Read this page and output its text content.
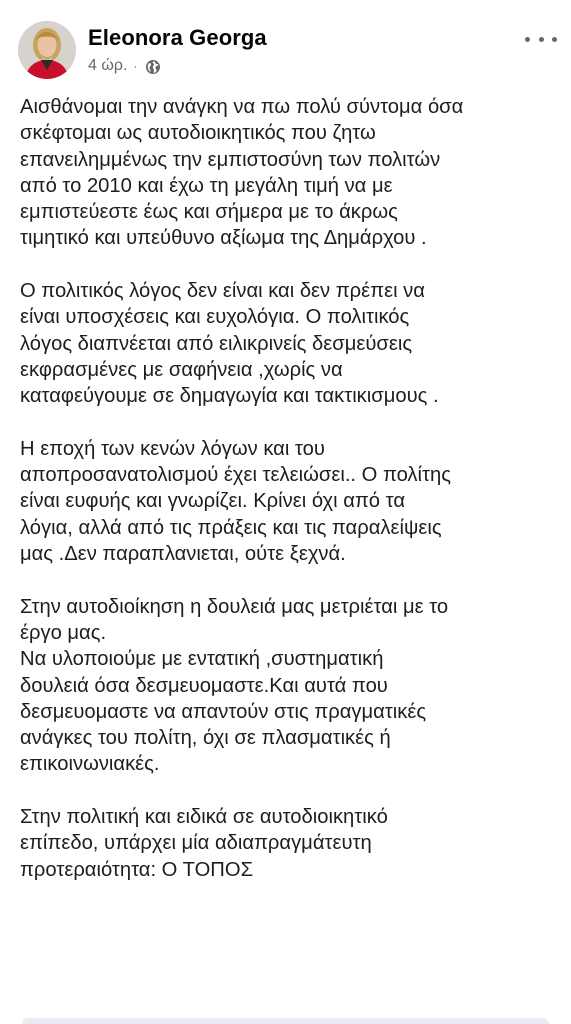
Eleonora Georga
4 ώρ. ·

Αισθάνομαι την ανάγκη να πω πολύ σύντομα όσα
σκέφτομαι ως αυτοδιοικητικός που ζητω
επανειλημμένως την εμπιστοσύνη των πολιτών
από το 2010 και έχω τη μεγάλη τιμή να με
εμπιστεύεστε έως και σήμερα με το άκρως
τιμητικό και υπεύθυνο αξίωμα της Δημάρχου .

Ο πολιτικός λόγος δεν είναι και δεν πρέπει να
είναι υποσχέσεις και ευχολόγια. Ο πολιτικός
λόγος διαπνέεται από ειλικρινείς δεσμεύσεις
εκφρασμένες με σαφήνεια ,χωρίς να
καταφεύγουμε σε δημαγωγία και τακτικισμους .

Η εποχή των κενών λόγων και του
αποπροσανατολισμού έχει τελειώσει.. Ο πολίτης
είναι ευφυής και γνωρίζει. Κρίνει όχι από τα
λόγια, αλλά από τις πράξεις και τις παραλείψεις
μας .Δεν παραπλανιεται, ούτε ξεχνά.

Στην αυτοδιοίκηση η δουλειά μας μετριέται με το
έργο μας.
Να υλοποιούμε με εντατική ,συστηματική
δουλειά όσα δεσμευομαστε.Και αυτά που
δεσμευομαστε να απαντούν στις πραγματικές
ανάγκες του πολίτη, όχι σε πλασματικές ή
επικοινωνιακές.

Στην πολιτική και ειδικά σε αυτοδιοικητικό
επίπεδο, υπάρχει μία αδιαπραγμάτευτη
προτεραιότητα: Ο ΤΟΠΟΣ
